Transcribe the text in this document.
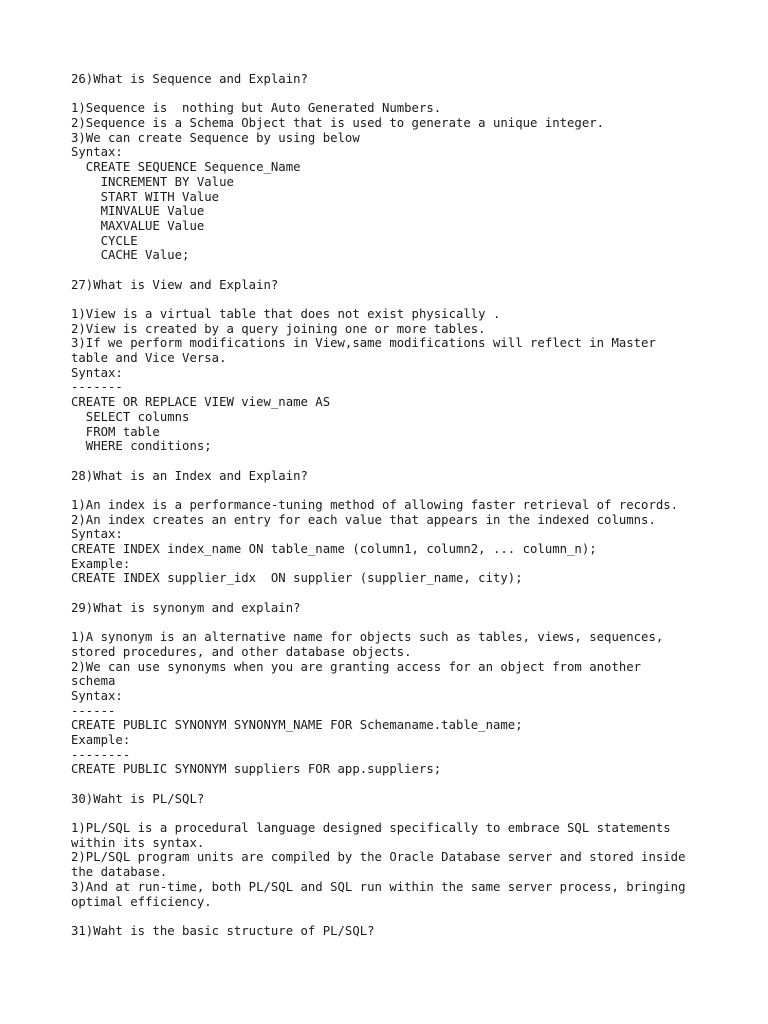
26)What is Sequence and Explain?
1)Sequence is  nothing but Auto Generated Numbers.
2)Sequence is a Schema Object that is used to generate a unique integer.
3)We can create Sequence by using below
Syntax:
CREATE SEQUENCE Sequence_Name
INCREMENT BY Value
START WITH Value
MINVALUE Value
MAXVALUE Value
CYCLE
CACHE Value;
27)What is View and Explain?
1)View is a virtual table that does not exist physically .
2)View is created by a query joining one or more tables.
3)If we perform modifications in View,same modifications will reflect in Master
table and Vice Versa.
Syntax:
-------
CREATE OR REPLACE VIEW view_name AS
SELECT columns
FROM table
WHERE conditions;
28)What is an Index and Explain?
1)An index is a performance-tuning method of allowing faster retrieval of records.
2)An index creates an entry for each value that appears in the indexed columns.
Syntax:
CREATE INDEX index_name ON table_name (column1, column2, ... column_n);
Example:
CREATE INDEX supplier_idx  ON supplier (supplier_name, city);
29)What is synonym and explain?
1)A synonym is an alternative name for objects such as tables, views, sequences,
stored procedures, and other database objects.
2)We can use synonyms when you are granting access for an object from another
schema
Syntax:
------
CREATE PUBLIC SYNONYM SYNONYM_NAME FOR Schemaname.table_name;
Example:
--------
CREATE PUBLIC SYNONYM suppliers FOR app.suppliers;
30)Waht is PL/SQL?
1)PL/SQL is a procedural language designed specifically to embrace SQL statements
within its syntax.
2)PL/SQL program units are compiled by the Oracle Database server and stored inside
the database.
3)And at run-time, both PL/SQL and SQL run within the same server process, bringing
optimal efficiency.
31)Waht is the basic structure of PL/SQL?
